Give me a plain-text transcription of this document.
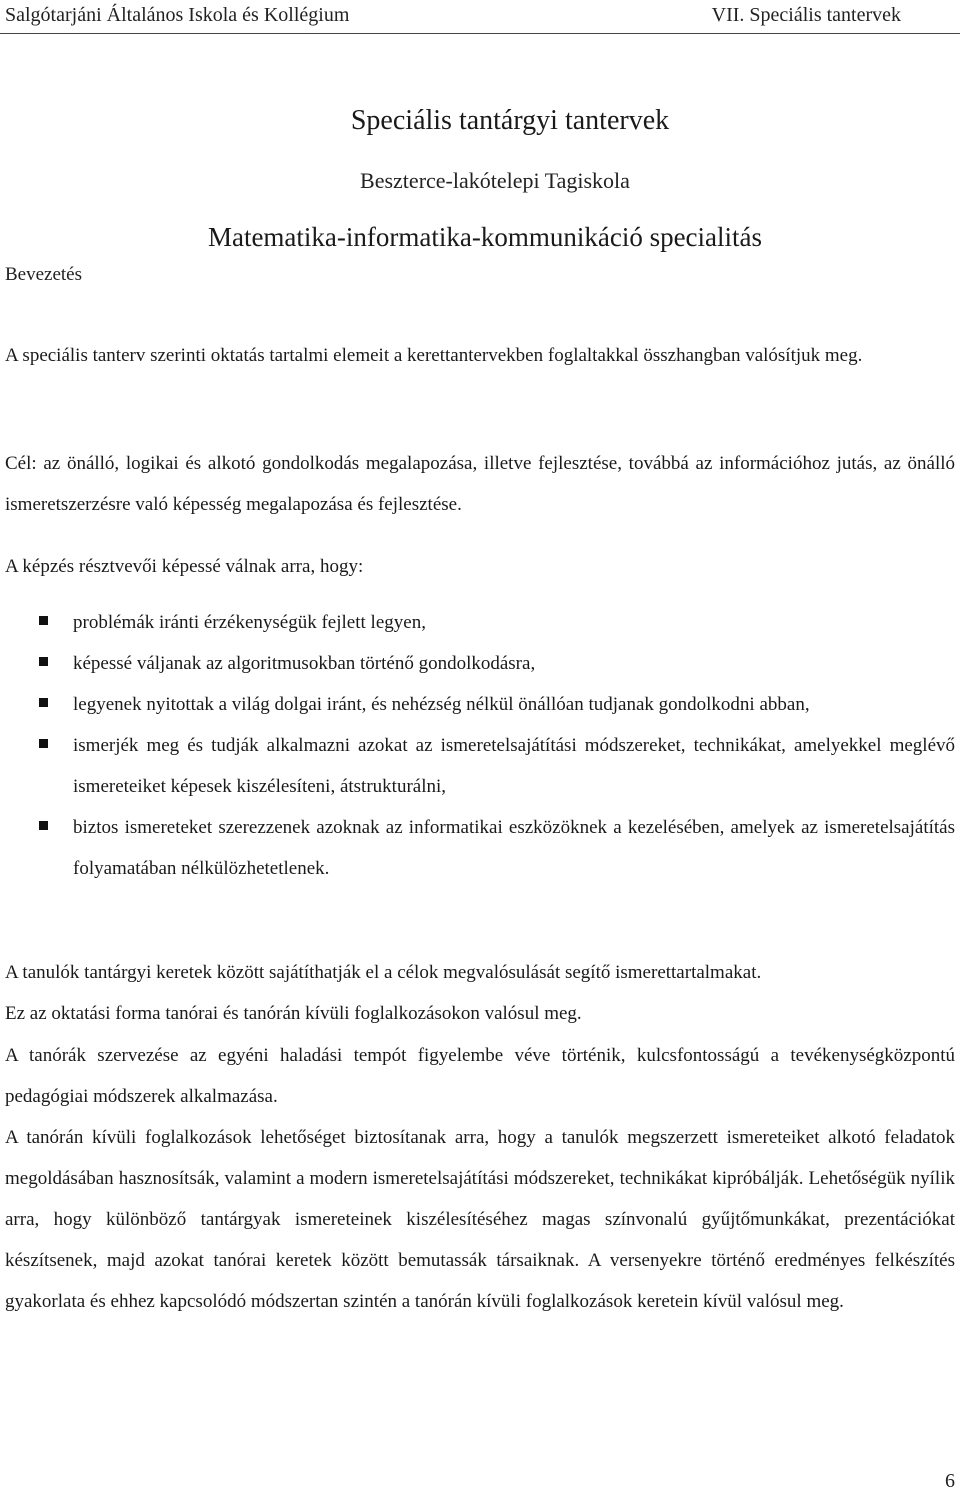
Salgótarjáni Általános Iskola és Kollégium	VII. Speciális tantervek
Speciális tantárgyi tantervek
Beszterce-lakótelepi Tagiskola
Matematika-informatika-kommunikáció specialitás
Bevezetés
A speciális tanterv szerinti oktatás tartalmi elemeit a kerettantervekben foglaltakkal összhangban valósítjuk meg.
Cél: az önálló, logikai és alkotó gondolkodás megalapozása, illetve fejlesztése, továbbá az információhoz jutás, az önálló ismeretszerzésre való képesség megalapozása és fejlesztése.
A képzés résztvevői képessé válnak arra, hogy:
problémák iránti érzékenységük fejlett legyen,
képessé váljanak az algoritmusokban történő gondolkodásra,
legyenek nyitottak a világ dolgai iránt, és nehézség nélkül önállóan tudjanak gondolkodni abban,
ismerjék meg és tudják alkalmazni azokat az ismeretelsajátítási módszereket, technikákat, amelyekkel meglévő ismereteiket képesek kiszélesíteni, átstrukturálni,
biztos ismereteket szerezzenek azoknak az informatikai eszközöknek a kezelésében, amelyek az ismeretelsajátítás folyamatában nélkülözhetetlenek.
A tanulók tantárgyi keretek között sajátíthatják el a célok megvalósulását segítő ismerettartalmakat.
Ez az oktatási forma tanórai és tanórán kívüli foglalkozásokon valósul meg.
A tanórák szervezése az egyéni haladási tempót figyelembe véve történik, kulcsfontosságú a tevékenységközpontú pedagógiai módszerek alkalmazása.
A tanórán kívüli foglalkozások lehetőséget biztosítanak arra, hogy a tanulók megszerzett ismereteiket alkotó feladatok megoldásában hasznosítsák, valamint a modern ismeretelsajátítási módszereket, technikákat kipróbálják. Lehetőségük nyílik arra, hogy különböző tantárgyak ismereteinek kiszélesítéséhez magas színvonalú gyűjtőmunkákat, prezentációkat készítsenek, majd azokat tanórai keretek között bemutassák társaiknak. A versenyekre történő eredményes felkészítés gyakorlata és ehhez kapcsolódó módszertan szintén a tanórán kívüli foglalkozások keretein kívül valósul meg.
6
